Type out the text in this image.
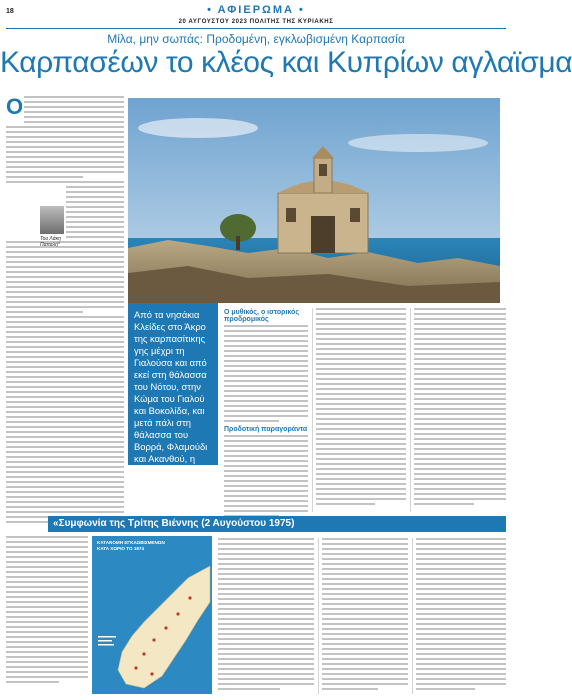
18	• ΑΦΙΕΡΩΜΑ •
20 ΑΥΓΟΥΣΤΟΥ 2023 ΠΟΛΙΤΗΣ ΤΗΣ ΚΥΡΙΑΚΗΣ
Μίλα, μην σωπάς: Προδομένη, εγκλωβισμένη Καρπασία
Καρπασέων το κλέος και Κυπρίων αγλαϊσμα
Ο
Του Λάκη Παπαλή*
Από τα νησάκια Κλείδες στο Άκρο της καρπασίτικης γης μέχρι τη Γιαλούσα και από εκεί στη θάλασσα του Νότου, στην Κώμα του Γιαλού και Βοκολίδα, και μετά πάλι στη θάλασσα του Βορρά, Φλαμούδι και Ακανθού, η θάλασσα είναι παντού
Ο μυθικός, ο ιστορικός προδρομικός
Προδοτική παραγοράντα
«Συμφωνία της Τρίτης Βιέννης (2 Αυγούστου 1975)
ΚΑΤΑΝΟΜΗ ΕΓΚΛΩΒΙΣΜΕΝΩΝ ΚΑΤΑ ΧΩΡΙΟ ΤΟ 1974
